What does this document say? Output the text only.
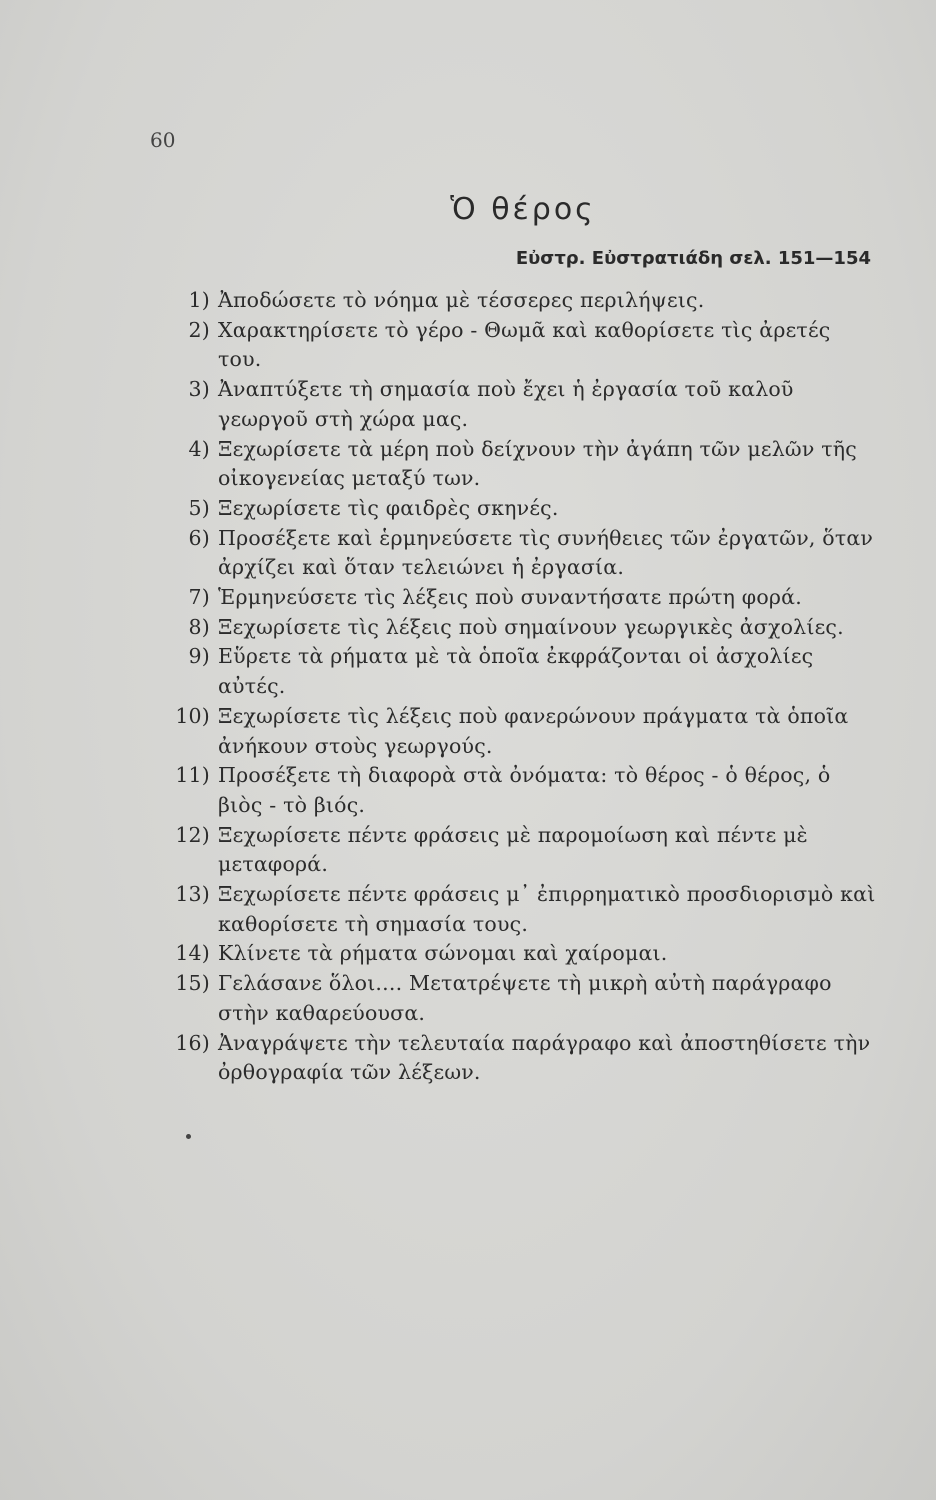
60
Ὁ θέρος
Εὐστρ. Εὐστρατιάδη σελ. 151—154
1) Ἀποδώσετε τὸ νόημα μὲ τέσσερες περιλήψεις.
2) Χαρακτηρίσετε τὸ γέρο - Θωμᾶ καὶ καθορίσετε τὶς ἀρετές του.
3) Ἀναπτύξετε τὴ σημασία ποὺ ἔχει ἡ ἐργασία τοῦ καλοῦ γεωργοῦ στὴ χώρα μας.
4) Ξεχωρίσετε τὰ μέρη ποὺ δείχνουν τὴν ἀγάπη τῶν μελῶν τῆς οἰκογενείας μεταξύ των.
5) Ξεχωρίσετε τὶς φαιδρὲς σκηνές.
6) Προσέξετε καὶ ἑρμηνεύσετε τὶς συνήθειες τῶν ἐργατῶν, ὅταν ἀρχίζει καὶ ὅταν τελειώνει ἡ ἐργασία.
7) Ἑρμηνεύσετε τὶς λέξεις ποὺ συναντήσατε πρώτη φορά.
8) Ξεχωρίσετε τὶς λέξεις ποὺ σημαίνουν γεωργικὲς ἀσχολίες.
9) Εὕρετε τὰ ρήματα μὲ τὰ ὁποῖα ἐκφράζονται οἱ ἀσχολίες αὐτές.
10) Ξεχωρίσετε τὶς λέξεις ποὺ φανερώνουν πράγματα τὰ ὁποῖα ἀνήκουν στοὺς γεωργούς.
11) Προσέξετε τὴ διαφορὰ στὰ ὀνόματα: τὸ θέρος - ὁ θέρος, ὁ βιὸς - τὸ βιός.
12) Ξεχωρίσετε πέντε φράσεις μὲ παρομοίωση καὶ πέντε μὲ μεταφορά.
13) Ξεχωρίσετε πέντε φράσεις μ᾽ ἐπιρρηματικὸ προσδιορισμὸ καὶ καθορίσετε τὴ σημασία τους.
14) Κλίνετε τὰ ρήματα σώνομαι καὶ χαίρομαι.
15) Γελάσανε ὅλοι.... Μετατρέψετε τὴ μικρὴ αὐτὴ παράγραφο στὴν καθαρεύουσα.
16) Ἀναγράψετε τὴν τελευταία παράγραφο καὶ ἀποστηθίσετε τὴν ὀρθογραφία τῶν λέξεων.
